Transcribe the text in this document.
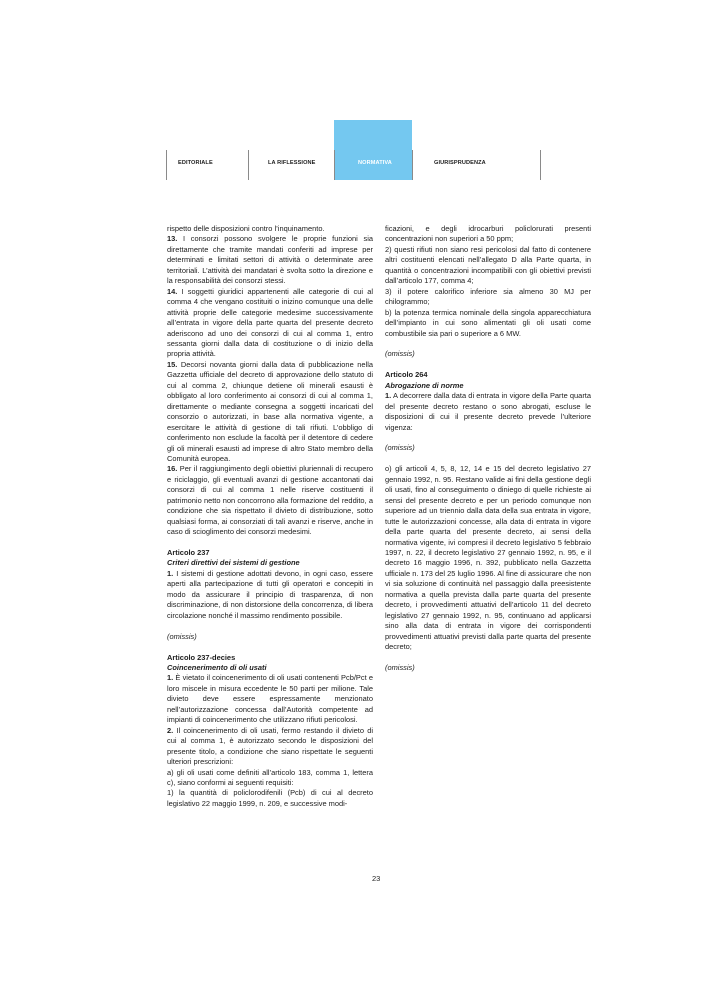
EDITORIALE	LA RIFLESSIONE	NORMATIVA	GIURISPRUDENZA

rispetto delle disposizioni contro l’inquinamento.

13. I consorzi possono svolgere le proprie funzioni sia direttamente che tramite mandati conferiti ad imprese per determinati e limitati settori di attività o determinate aree territoriali. L’attività dei mandatari è svolta sotto la direzione e la responsabilità dei consorzi stessi.

14. I soggetti giuridici appartenenti alle categorie di cui al comma 4 che vengano costituiti o inizino comunque una delle attività proprie delle categorie medesime successivamente all’entrata in vigore della parte quarta del presente decreto aderiscono ad uno dei consorzi di cui al comma 1, entro sessanta giorni dalla data di costituzione o di inizio della propria attività.

15. Decorsi novanta giorni dalla data di pubblicazione nella Gazzetta ufficiale del decreto di approvazione dello statuto di cui al comma 2, chiunque detiene oli minerali esausti è obbligato al loro conferimento ai consorzi di cui al comma 1, direttamente o mediante consegna a soggetti incaricati del consorzio o autorizzati, in base alla normativa vigente, a esercitare le attività di gestione di tali rifiuti. L’obbligo di conferimento non esclude la facoltà per il detentore di cedere gli oli minerali esausti ad imprese di altro Stato membro della Comunità europea.

16. Per il raggiungimento degli obiettivi pluriennali di recupero e riciclaggio, gli eventuali avanzi di gestione accantonati dai consorzi di cui al comma 1 nelle riserve costituenti il patrimonio netto non concorrono alla formazione del reddito, a condizione che sia rispettato il divieto di distribuzione, sotto qualsiasi forma, ai consorziati di tali avanzi e riserve, anche in caso di scioglimento dei consorzi medesimi.

Articolo 237

Criteri direttivi dei sistemi di gestione

1. I sistemi di gestione adottati devono, in ogni caso, essere aperti alla partecipazione di tutti gli operatori e concepiti in modo da assicurare il principio di trasparenza, di non discriminazione, di non distorsione della concorrenza, di libera circolazione nonché il massimo rendimento possibile.

(omissis)

Articolo 237-decies

Coincenerimento di oli usati

1. È vietato il coincenerimento di oli usati contenenti Pcb/Pct e loro miscele in misura eccedente le 50 parti per milione. Tale divieto deve essere espressamente menzionato nell’autorizzazione concessa dall’Autorità competente ad impianti di coincenerimento che utilizzano rifiuti pericolosi.

2. Il coincenerimento di oli usati, fermo restando il divieto di cui al comma 1, è autorizzato secondo le disposizioni del presente titolo, a condizione che siano rispettate le seguenti ulteriori prescrizioni:

a) gli oli usati come definiti all’articolo 183, comma 1, lettera c), siano conformi ai seguenti requisiti:

1) la quantità di policlorodifenili (Pcb) di cui al decreto legislativo 22 maggio 1999, n. 209, e successive modi-

ficazioni, e degli idrocarburi policlorurati presenti concentrazioni non superiori a 50 ppm;

2) questi rifiuti non siano resi pericolosi dal fatto di contenere altri costituenti elencati nell’allegato D alla Parte quarta, in quantità o concentrazioni incompatibili con gli obiettivi previsti dall’articolo 177, comma 4;

3) il potere calorifico inferiore sia almeno 30 MJ per chilogrammo;

b) la potenza termica nominale della singola apparecchiatura dell’impianto in cui sono alimentati gli oli usati come combustibile sia pari o superiore a 6 MW.

(omissis)

Articolo 264

Abrogazione di norme

1. A decorrere dalla data di entrata in vigore della Parte quarta del presente decreto restano o sono abrogati, escluse le disposizioni di cui il presente decreto prevede l’ulteriore vigenza:

(omissis)

o) gli articoli 4, 5, 8, 12, 14 e 15 del decreto legislativo 27 gennaio 1992, n. 95. Restano valide ai fini della gestione degli oli usati, fino al conseguimento o diniego di quelle richieste ai sensi del presente decreto e per un periodo comunque non superiore ad un triennio dalla data della sua entrata in vigore, tutte le autorizzazioni concesse, alla data di entrata in vigore della parte quarta del presente decreto, ai sensi della normativa vigente, ivi compresi il decreto legislativo 5 febbraio 1997, n. 22, il decreto legislativo 27 gennaio 1992, n. 95, e il decreto 16 maggio 1996, n. 392, pubblicato nella Gazzetta ufficiale n. 173 del 25 luglio 1996. Al fine di assicurare che non vi sia soluzione di continuità nel passaggio dalla preesistente normativa a quella prevista dalla parte quarta del presente decreto, i provvedimenti attuativi dell’articolo 11 del decreto legislativo 27 gennaio 1992, n. 95, continuano ad applicarsi sino alla data di entrata in vigore dei corrispondenti provvedimenti attuativi previsti dalla parte quarta del presente decreto;

(omissis)

23
